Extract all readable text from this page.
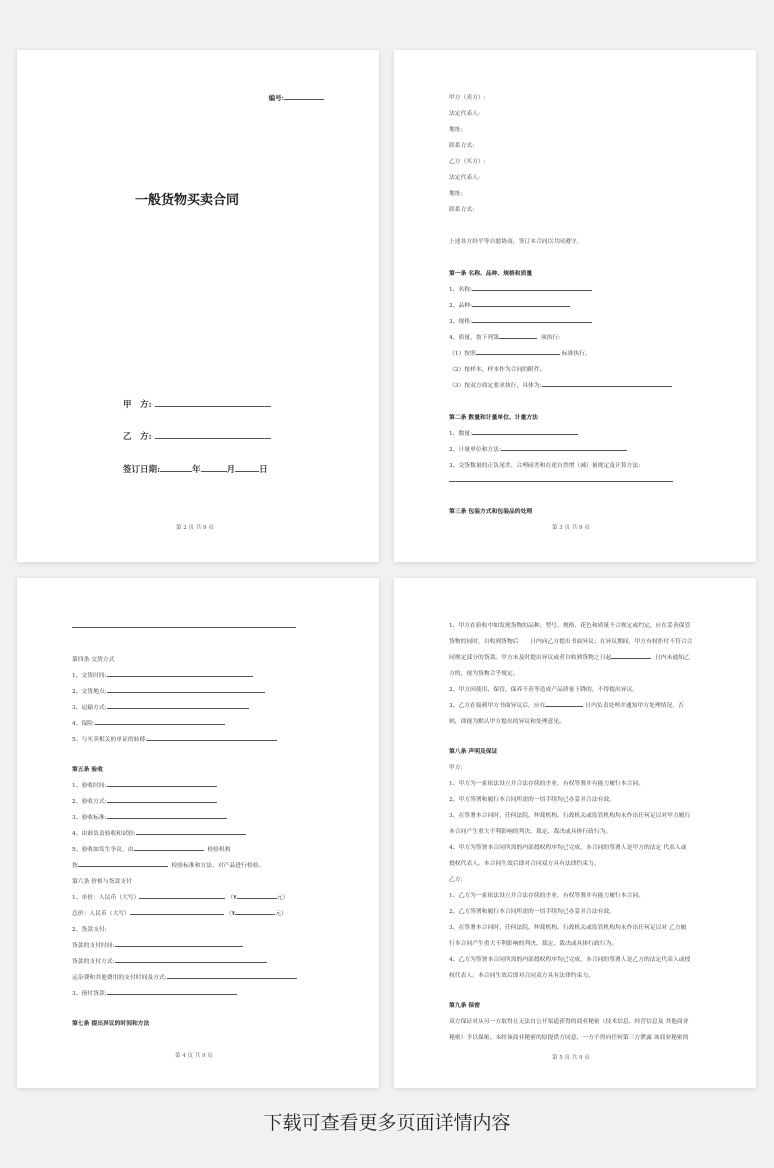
编号:
一般货物买卖合同
甲　方:
乙　方:
签订日期:	年	月	日
第 2 页 共 9 页
甲方（卖方）:
法定代表人:
地址:
联系方式:
乙方（买方）:
法定代表人:
地址:
联系方式:
上述各方经平等自愿协商，签订本合同以共同遵守。
第一条 名称、品种、规格和质量
1、名称:
2、品种:
3、规格:
4、质量，按下列第	项执行:
（1）按照	标准执行。
（2）按样本，样本作为合同的附件。
（3）按双方商定要求执行，具体为:
第二条 数量和计量单位、计量方法
1、数量:
2、计量单位和方法:
3、交货数量的正负尾差、合理磅差和在途自然增（减）量规定及计算方法:
第三条 包装方式和包装品的处理
第 3 页 共 9 页
第四条 交货方式
1、交货时间:
2、交货地点:
3、运输方式:
4、保险:
5、与买卖相关的单证的转移:
第五条 验收
1、验收时间:
2、验收方式:
3、验收标准:
4、由谁负责验收和试验:
5、验收如发生争议，由	检验机构
按	检验标准和方法，对产品进行检验。
第六条 价格与货款支付
1、单价：人民币（大写）	（¥	元）
总价：人民币（大写）	（¥	元）
2、货款支付:
货款的支付时间:
货款的支付方式:
运杂费和其他费用的支付时间及方式:
3、预付货款:
第七条 提出异议的时间和方法
第 4 页 共 9 页
1、甲方在验收中如发现货物的品种、型号、规格、花色和质量不合规定或约定，应在妥善保管
货物的同时，自收到货物后　　日内向乙方提出书面异议；在异议期间，甲方有权拒付不符合合
同规定部分的货款。甲方未及时提出异议或者自收到货物之日起	日内未通知乙
方的，视为货物合乎规定。
2、甲方因使用、保管、保养不善等造成产品质量下降的，不得提出异议。
3、乙方在接到甲方书面异议后，应在	日内负责处理并通知甲方处理情况，否
则，即视为默认甲方提出的异议和处理意见。
第八条 声明及保证
甲方:
1、甲方为一家依法设立并合法存续的企业，有权签署并有能力履行本合同。
2、甲方签署和履行本合同所需的一切手续均已办妥并合法有效。
3、在签署本合同时，任何法院、仲裁机构、行政机关或监管机构均未作出任何足以对甲方履行
本合同产生重大不利影响的判决、裁定、裁决或具体行政行为。
4、甲方为签署本合同所需的内部授权程序均已完成，本合同的签署人是甲方的法定 代表人或
授权代表人。本合同生效后即对合同双方具有法律约束力。
乙方:
1、乙方为一家依法设立并合法存续的企业，有权签署并有能力履行本合同。
2、乙方签署和履行本合同所需的一切手续均已办妥并合法有效。
3、在签署本合同时，任何法院、仲裁机构、行政机关或监管机构均未作出任何足以对 乙方履
行本合同产生重大不利影响的判决、裁定、裁决或具体行政行为。
4、乙方为签署本合同所需的内部授权程序均已完成，本合同的签署人是乙方的法定代表人或授
权代表人。本合同生效后即对合同双方具有法律约束力。
第九条 保密
双方保证对从另一方取得且无法自公开渠道获得的商业秘密（技术信息、经营信息及 其他商业
秘密）予以保密。未经该商业秘密的原提供方同意，一方不得向任何第三方泄露 该商业秘密的
第 5 页 共 9 页
下载可查看更多页面详情内容
